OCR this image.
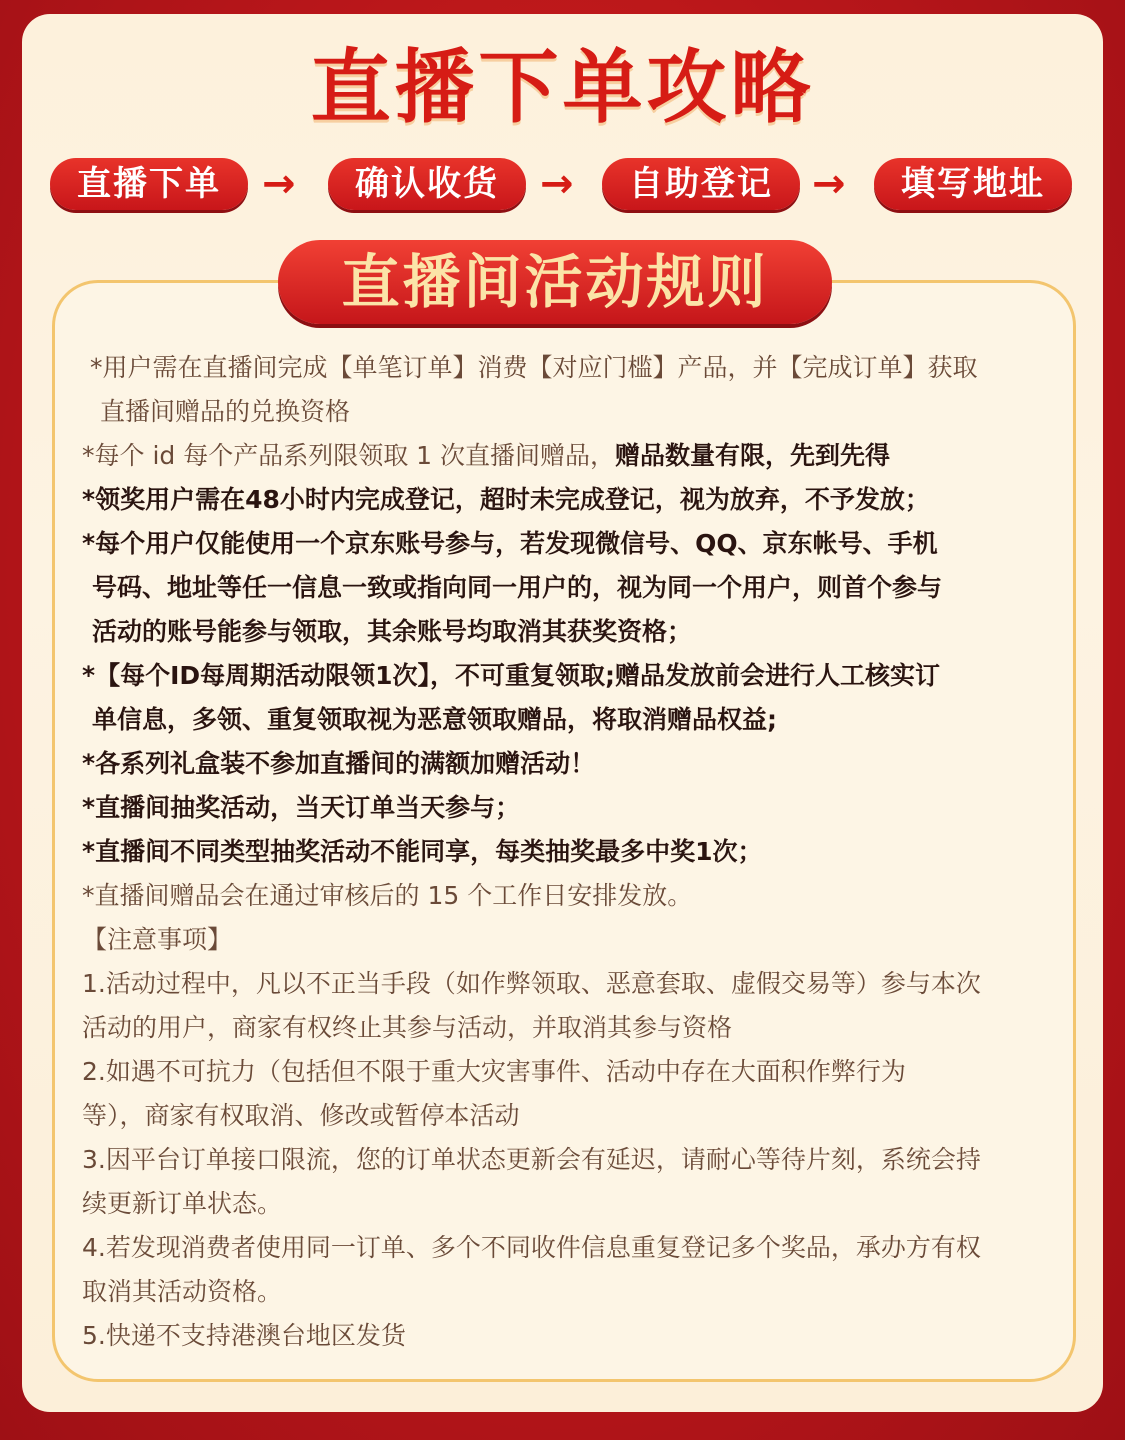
直播下单攻略
直播下单	→	确认收货	→	自助登记 →	填写地址
直播间活动规则
*用户需在直播间完成【单笔订单】消费【对应门槛】产品，并【完成订单】获取
直播间赠品的兑换资格
*每个 id 每个产品系列限领取 1 次直播间赠品，赠品数量有限，先到先得
*领奖用户需在48小时内完成登记，超时未完成登记，视为放弃，不予发放；
*每个用户仅能使用一个京东账号参与，若发现微信号、QQ、京东帐号、手机
号码、地址等任一信息一致或指向同一用户的，视为同一个用户，则首个参与
活动的账号能参与领取，其余账号均取消其获奖资格；
*【每个ID每周期活动限领1次】，不可重复领取;赠品发放前会进行人工核实订
单信息，多领、重复领取视为恶意领取赠品，将取消赠品权益;
*各系列礼盒装不参加直播间的满额加赠活动！
*直播间抽奖活动，当天订单当天参与；
*直播间不同类型抽奖活动不能同享，每类抽奖最多中奖1次；
*直播间赠品会在通过审核后的 15 个工作日安排发放。
【注意事项】
1.活动过程中，凡以不正当手段（如作弊领取、恶意套取、虚假交易等）参与本次
活动的用户，商家有权终止其参与活动，并取消其参与资格
2.如遇不可抗力（包括但不限于重大灾害事件、活动中存在大面积作弊行为
等），商家有权取消、修改或暂停本活动
3.因平台订单接口限流，您的订单状态更新会有延迟，请耐心等待片刻，系统会持
续更新订单状态。
4.若发现消费者使用同一订单、多个不同收件信息重复登记多个奖品，承办方有权
取消其活动资格。
5.快递不支持港澳台地区发货
